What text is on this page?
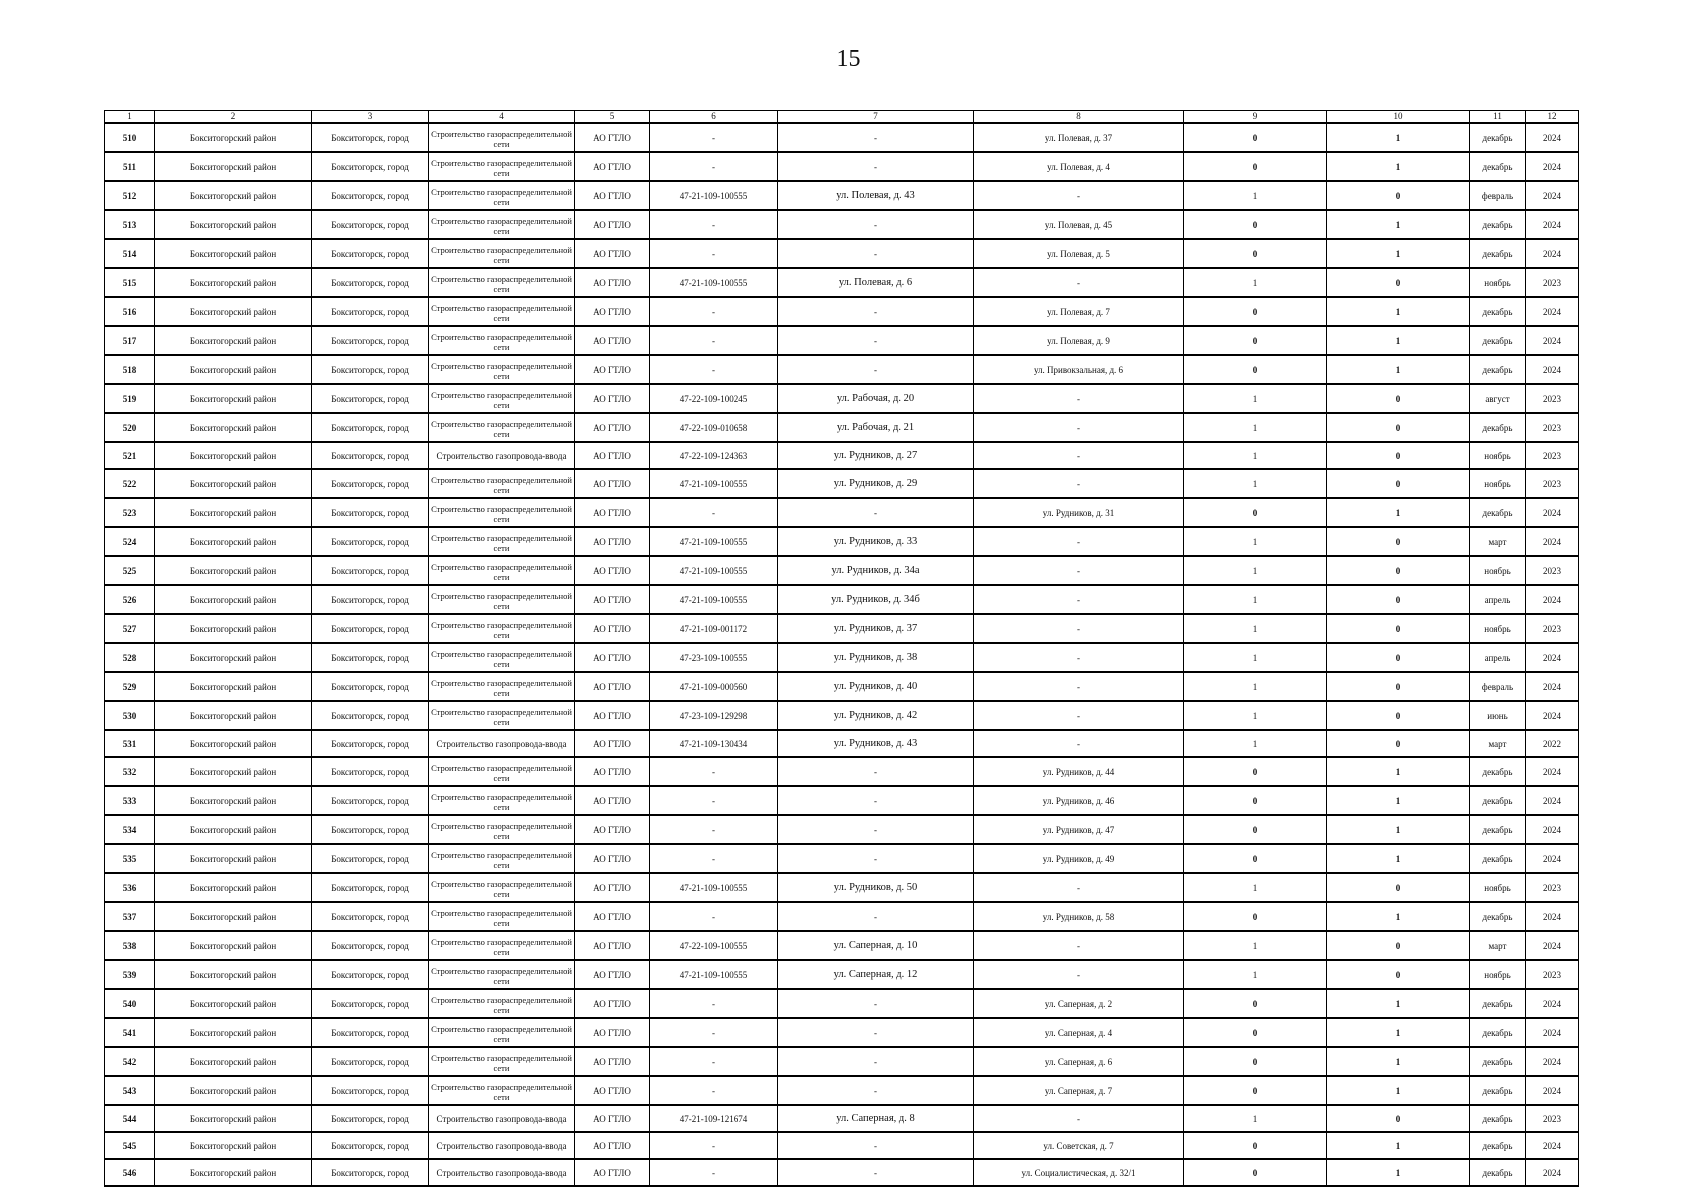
15
1	2	3	4	5	6	7	8	9	10	11	12
510	Бокситогорский район	Бокситогорск, город	Строительство газораспределительной сети	АО ГТЛО	-	-	ул. Полевая, д. 37	0	1	декабрь	2024
511	Бокситогорский район	Бокситогорск, город	Строительство газораспределительной сети	АО ГТЛО	-	-	ул. Полевая, д. 4	0	1	декабрь	2024
512	Бокситогорский район	Бокситогорск, город	Строительство газораспределительной сети	АО ГТЛО	47-21-109-100555	ул. Полевая, д. 43	-	1	0	февраль	2024
513	Бокситогорский район	Бокситогорск, город	Строительство газораспределительной сети	АО ГТЛО	-	-	ул. Полевая, д. 45	0	1	декабрь	2024
514	Бокситогорский район	Бокситогорск, город	Строительство газораспределительной сети	АО ГТЛО	-	-	ул. Полевая, д. 5	0	1	декабрь	2024
515	Бокситогорский район	Бокситогорск, город	Строительство газораспределительной сети	АО ГТЛО	47-21-109-100555	ул. Полевая, д. 6	-	1	0	ноябрь	2023
516	Бокситогорский район	Бокситогорск, город	Строительство газораспределительной сети	АО ГТЛО	-	-	ул. Полевая, д. 7	0	1	декабрь	2024
517	Бокситогорский район	Бокситогорск, город	Строительство газораспределительной сети	АО ГТЛО	-	-	ул. Полевая, д. 9	0	1	декабрь	2024
518	Бокситогорский район	Бокситогорск, город	Строительство газораспределительной сети	АО ГТЛО	-	-	ул. Привокзальная, д. 6	0	1	декабрь	2024
519	Бокситогорский район	Бокситогорск, город	Строительство газораспределительной сети	АО ГТЛО	47-22-109-100245	ул. Рабочая, д. 20	-	1	0	август	2023
520	Бокситогорский район	Бокситогорск, город	Строительство газораспределительной сети	АО ГТЛО	47-22-109-010658	ул. Рабочая, д. 21	-	1	0	декабрь	2023
521	Бокситогорский район	Бокситогорск, город	Строительство газопровода-ввода	АО ГТЛО	47-22-109-124363	ул. Рудников, д. 27	-	1	0	ноябрь	2023
522	Бокситогорский район	Бокситогорск, город	Строительство газораспределительной сети	АО ГТЛО	47-21-109-100555	ул. Рудников, д. 29	-	1	0	ноябрь	2023
523	Бокситогорский район	Бокситогорск, город	Строительство газораспределительной сети	АО ГТЛО	-	-	ул. Рудников, д. 31	0	1	декабрь	2024
524	Бокситогорский район	Бокситогорск, город	Строительство газораспределительной сети	АО ГТЛО	47-21-109-100555	ул. Рудников, д. 33	-	1	0	март	2024
525	Бокситогорский район	Бокситогорск, город	Строительство газораспределительной сети	АО ГТЛО	47-21-109-100555	ул. Рудников, д. 34а	-	1	0	ноябрь	2023
526	Бокситогорский район	Бокситогорск, город	Строительство газораспределительной сети	АО ГТЛО	47-21-109-100555	ул. Рудников, д. 34б	-	1	0	апрель	2024
527	Бокситогорский район	Бокситогорск, город	Строительство газораспределительной сети	АО ГТЛО	47-21-109-001172	ул. Рудников, д. 37	-	1	0	ноябрь	2023
528	Бокситогорский район	Бокситогорск, город	Строительство газораспределительной сети	АО ГТЛО	47-23-109-100555	ул. Рудников, д. 38	-	1	0	апрель	2024
529	Бокситогорский район	Бокситогорск, город	Строительство газораспределительной сети	АО ГТЛО	47-21-109-000560	ул. Рудников, д. 40	-	1	0	февраль	2024
530	Бокситогорский район	Бокситогорск, город	Строительство газораспределительной сети	АО ГТЛО	47-23-109-129298	ул. Рудников, д. 42	-	1	0	июнь	2024
531	Бокситогорский район	Бокситогорск, город	Строительство газопровода-ввода	АО ГТЛО	47-21-109-130434	ул. Рудников, д. 43	-	1	0	март	2022
532	Бокситогорский район	Бокситогорск, город	Строительство газораспределительной сети	АО ГТЛО	-	-	ул. Рудников, д. 44	0	1	декабрь	2024
533	Бокситогорский район	Бокситогорск, город	Строительство газораспределительной сети	АО ГТЛО	-	-	ул. Рудников, д. 46	0	1	декабрь	2024
534	Бокситогорский район	Бокситогорск, город	Строительство газораспределительной сети	АО ГТЛО	-	-	ул. Рудников, д. 47	0	1	декабрь	2024
535	Бокситогорский район	Бокситогорск, город	Строительство газораспределительной сети	АО ГТЛО	-	-	ул. Рудников, д. 49	0	1	декабрь	2024
536	Бокситогорский район	Бокситогорск, город	Строительство газораспределительной сети	АО ГТЛО	47-21-109-100555	ул. Рудников, д. 50	-	1	0	ноябрь	2023
537	Бокситогорский район	Бокситогорск, город	Строительство газораспределительной сети	АО ГТЛО	-	-	ул. Рудников, д. 58	0	1	декабрь	2024
538	Бокситогорский район	Бокситогорск, город	Строительство газораспределительной сети	АО ГТЛО	47-22-109-100555	ул. Саперная, д. 10	-	1	0	март	2024
539	Бокситогорский район	Бокситогорск, город	Строительство газораспределительной сети	АО ГТЛО	47-21-109-100555	ул. Саперная, д. 12	-	1	0	ноябрь	2023
540	Бокситогорский район	Бокситогорск, город	Строительство газораспределительной сети	АО ГТЛО	-	-	ул. Саперная, д. 2	0	1	декабрь	2024
541	Бокситогорский район	Бокситогорск, город	Строительство газораспределительной сети	АО ГТЛО	-	-	ул. Саперная, д. 4	0	1	декабрь	2024
542	Бокситогорский район	Бокситогорск, город	Строительство газораспределительной сети	АО ГТЛО	-	-	ул. Саперная, д. 6	0	1	декабрь	2024
543	Бокситогорский район	Бокситогорск, город	Строительство газораспределительной сети	АО ГТЛО	-	-	ул. Саперная, д. 7	0	1	декабрь	2024
544	Бокситогорский район	Бокситогорск, город	Строительство газопровода-ввода	АО ГТЛО	47-21-109-121674	ул. Саперная, д. 8	-	1	0	декабрь	2023
545	Бокситогорский район	Бокситогорск, город	Строительство газопровода-ввода	АО ГТЛО	-	-	ул. Советская, д. 7	0	1	декабрь	2024
546	Бокситогорский район	Бокситогорск, город	Строительство газопровода-ввода	АО ГТЛО	-	-	ул. Социалистическая, д. 32/1	0	1	декабрь	2024
